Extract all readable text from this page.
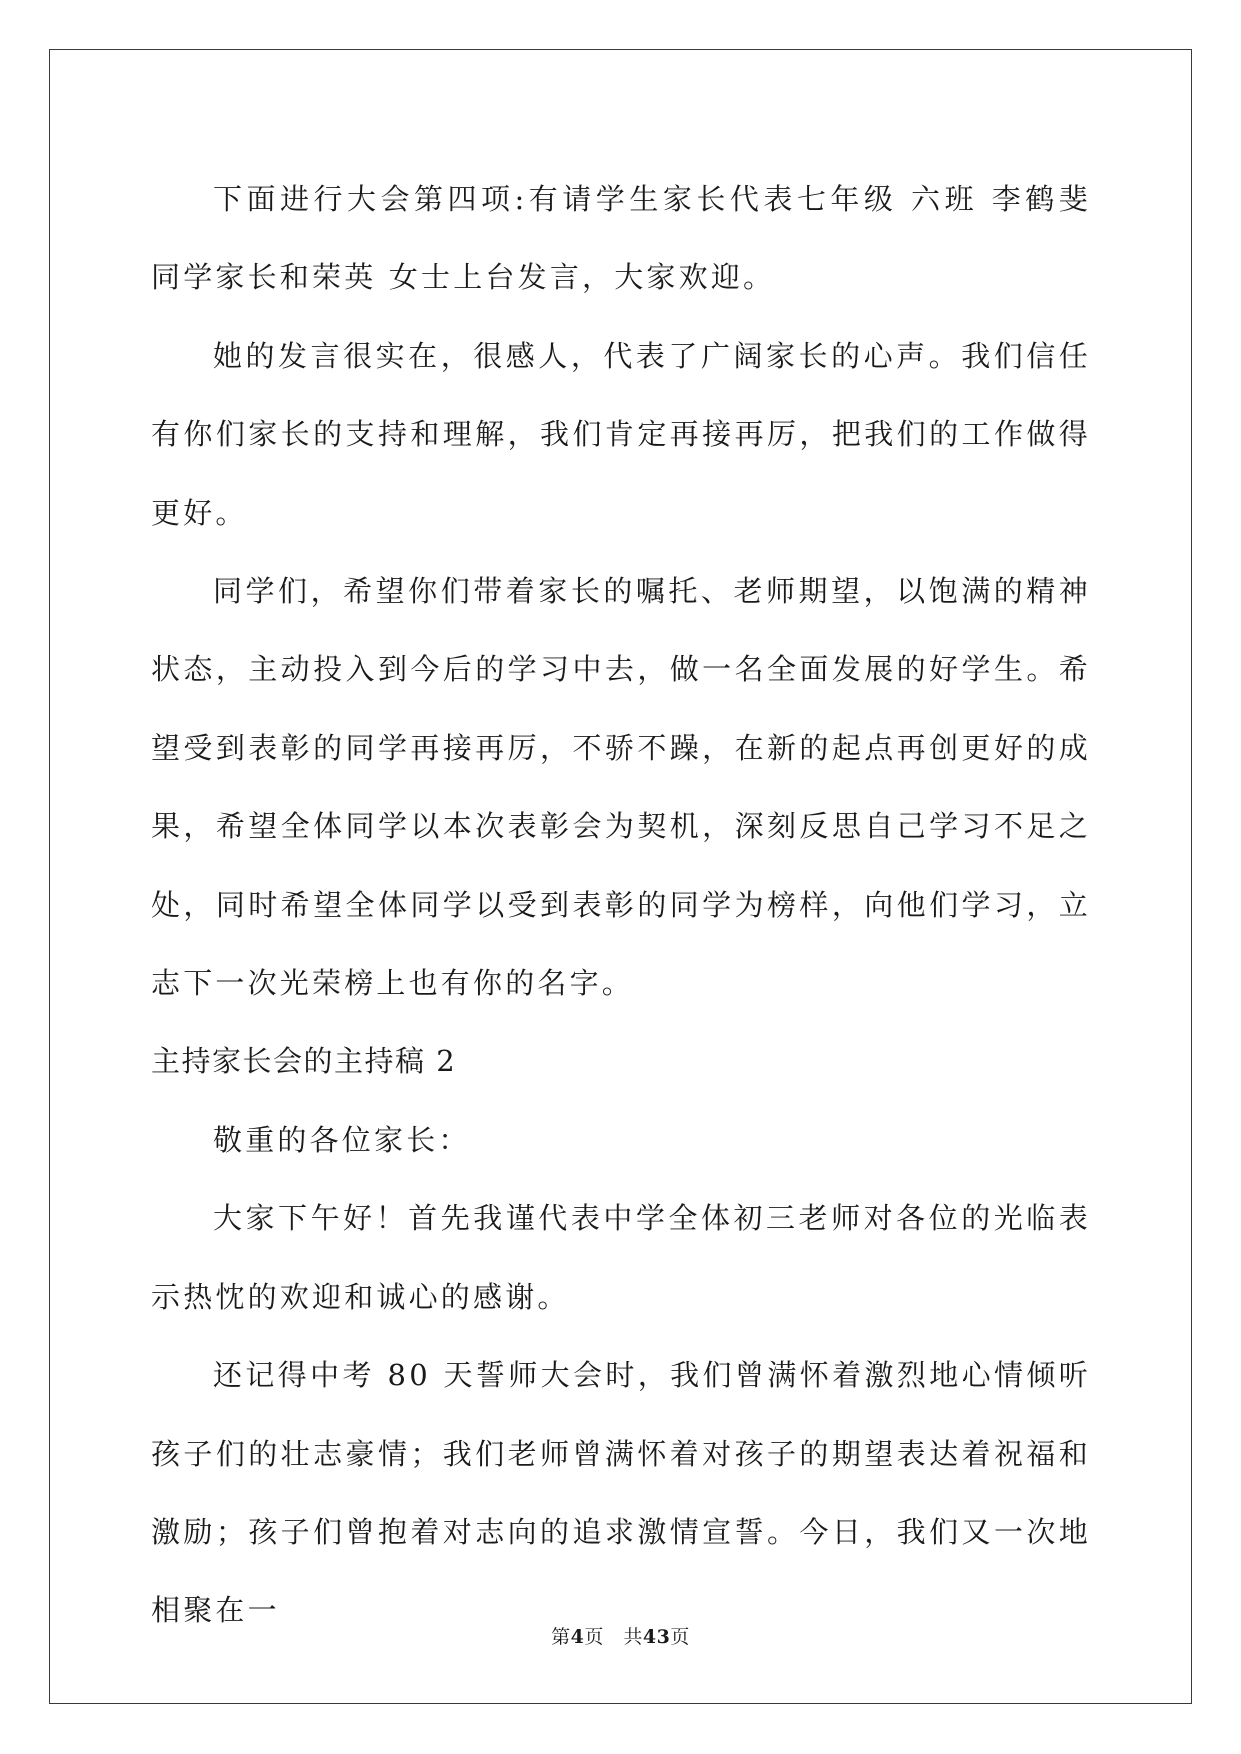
下面进行大会第四项:有请学生家长代表七年级 六班 李鹤斐 同学家长和荣英 女士上台发言，大家欢迎。

她的发言很实在，很感人，代表了广阔家长的心声。我们信任有你们家长的支持和理解，我们肯定再接再厉，把我们的工作做得更好。

同学们，希望你们带着家长的嘱托、老师期望，以饱满的精神状态，主动投入到今后的学习中去，做一名全面发展的好学生。希望受到表彰的同学再接再厉，不骄不躁，在新的起点再创更好的成果，希望全体同学以本次表彰会为契机，深刻反思自己学习不足之处，同时希望全体同学以受到表彰的同学为榜样，向他们学习，立志下一次光荣榜上也有你的名字。

主持家长会的主持稿 2

敬重的各位家长：

大家下午好！首先我谨代表中学全体初三老师对各位的光临表示热忱的欢迎和诚心的感谢。

还记得中考 80 天誓师大会时，我们曾满怀着激烈地心情倾听孩子们的壮志豪情；我们老师曾满怀着对孩子的期望表达着祝福和激励；孩子们曾抱着对志向的追求激情宣誓。今日，我们又一次地相聚在一

第4页　共43页
